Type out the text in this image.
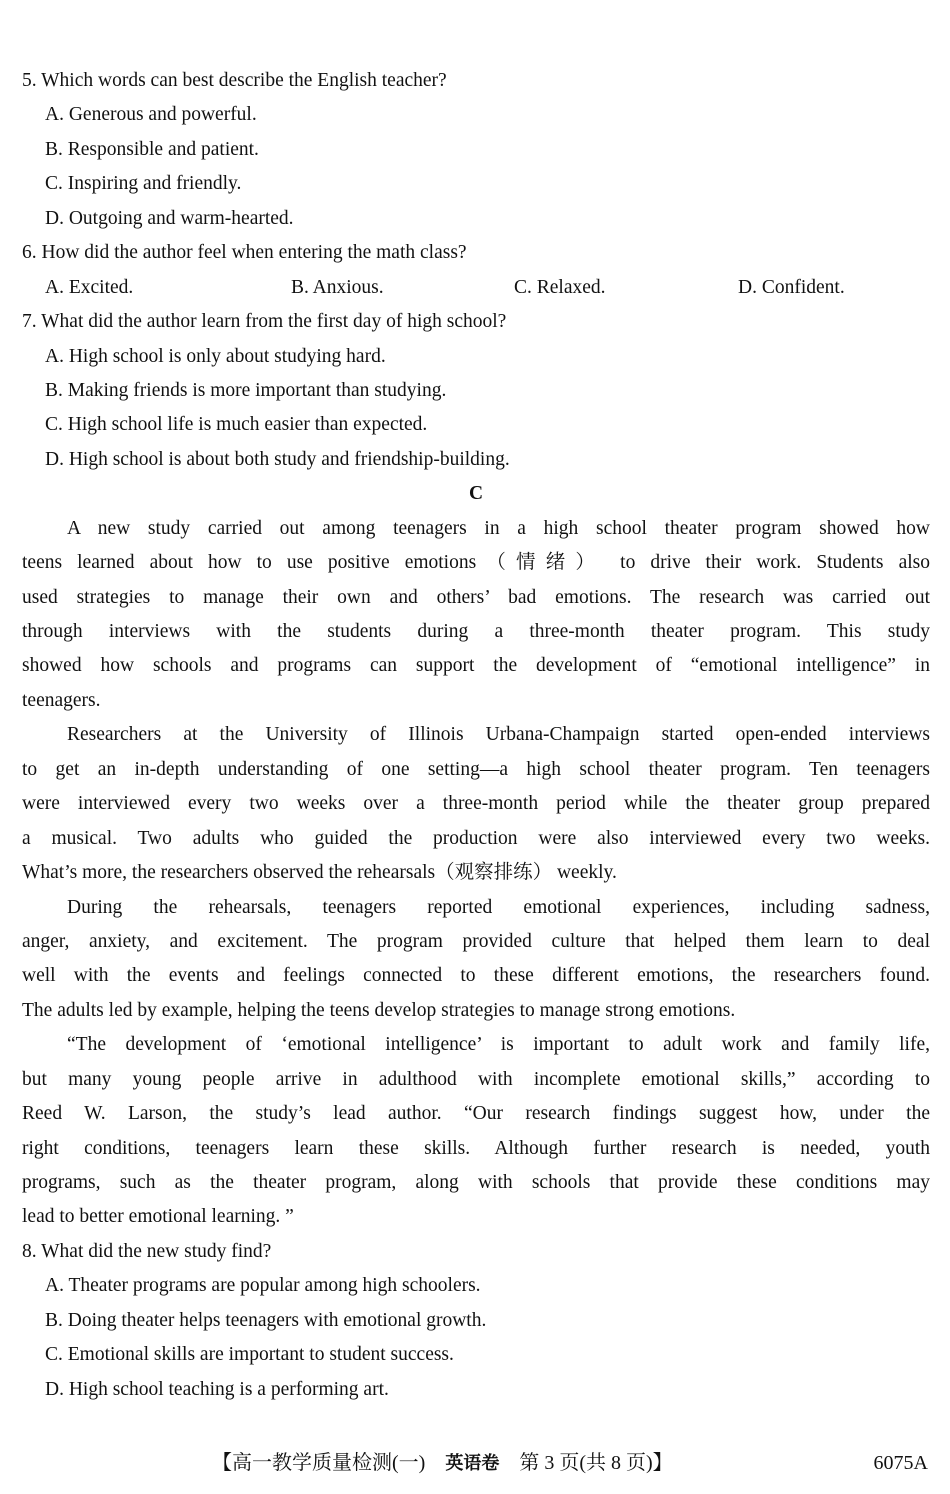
5. Which words can best describe the English teacher?
A. Generous and powerful.
B. Responsible and patient.
C. Inspiring and friendly.
D. Outgoing and warm-hearted.
6. How did the author feel when entering the math class?
A. Excited.	B. Anxious.	C. Relaxed.	D. Confident.
7. What did the author learn from the first day of high school?
A. High school is only about studying hard.
B. Making friends is more important than studying.
C. High school life is much easier than expected.
D. High school is about both study and friendship-building.
C
A new study carried out among teenagers in a high school theater program showed how
teens learned about how to use positive emotions（情绪） to drive their work. Students also
used strategies to manage their own and others’ bad emotions. The research was carried out
through interviews with the students during a three-month theater program. This study
showed how schools and programs can support the development of “emotional intelligence” in
teenagers.
Researchers at the University of Illinois Urbana-Champaign started open-ended interviews
to get an in-depth understanding of one setting—a high school theater program. Ten teenagers
were interviewed every two weeks over a three-month period while the theater group prepared
a musical. Two adults who guided the production were also interviewed every two weeks.
What’s more, the researchers observed the rehearsals（观察排练） weekly.
During the rehearsals, teenagers reported emotional experiences, including sadness,
anger, anxiety, and excitement. The program provided culture that helped them learn to deal
well with the events and feelings connected to these different emotions, the researchers found.
The adults led by example, helping the teens develop strategies to manage strong emotions.
“The development of ‘emotional intelligence’ is important to adult work and family life,
but many young people arrive in adulthood with incomplete emotional skills,” according to
Reed W. Larson, the study’s lead author. “Our research findings suggest how, under the
right conditions, teenagers learn these skills. Although further research is needed, youth
programs, such as the theater program, along with schools that provide these conditions may
lead to better emotional learning. ”
8. What did the new study find?
A. Theater programs are popular among high schoolers.
B. Doing theater helps teenagers with emotional growth.
C. Emotional skills are important to student success.
D. High school teaching is a performing art.
【高一教学质量检测(一)　英语卷　第 3 页(共 8 页)】	6075A
